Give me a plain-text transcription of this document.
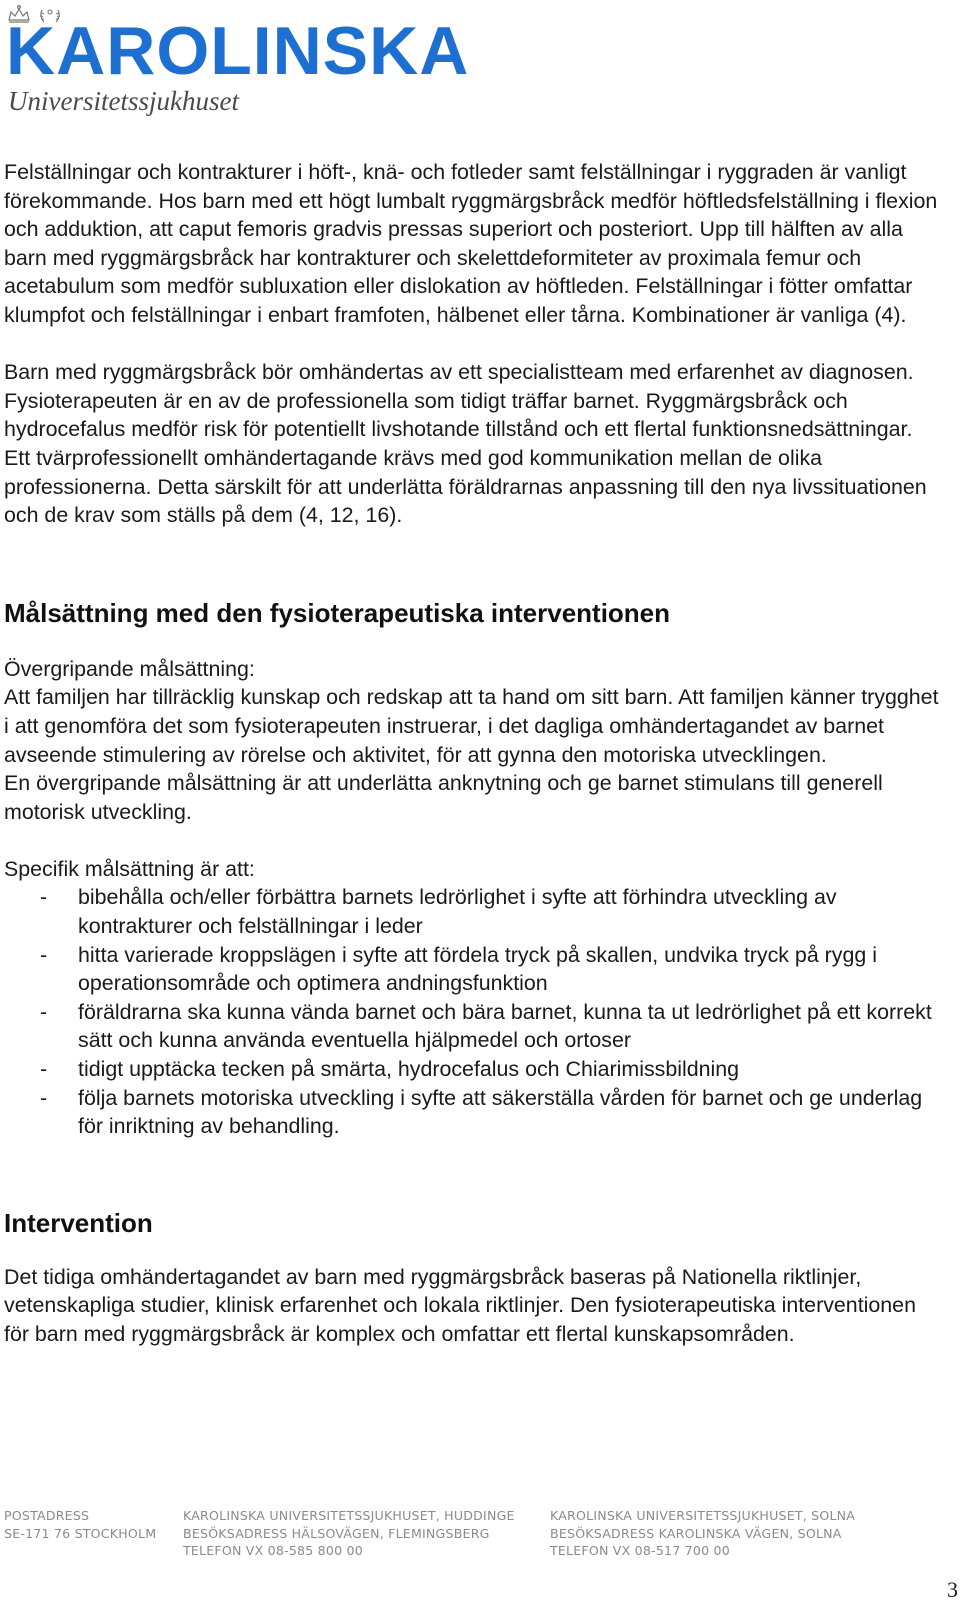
KAROLINSKA
Universitetssjukhuset

Felställningar och kontrakturer i höft-, knä- och fotleder samt felställningar i ryggraden är vanligt förekommande. Hos barn med ett högt lumbalt ryggmärgsbråck medför höftledsfelställning i flexion och adduktion, att caput femoris gradvis pressas superiort och posteriort. Upp till hälften av alla barn med ryggmärgsbråck har kontrakturer och skelettdeformiteter av proximala femur och acetabulum som medför subluxation eller dislokation av höftleden. Felställningar i fötter omfattar klumpfot och felställningar i enbart framfoten, hälbenet eller tårna. Kombinationer är vanliga (4).

Barn med ryggmärgsbråck bör omhändertas av ett specialistteam med erfarenhet av diagnosen. Fysioterapeuten är en av de professionella som tidigt träffar barnet. Ryggmärgsbråck och hydrocefalus medför risk för potentiellt livshotande tillstånd och ett flertal funktionsnedsättningar. Ett tvärprofessionellt omhändertagande krävs med god kommunikation mellan de olika professionerna. Detta särskilt för att underlätta föräldrarnas anpassning till den nya livssituationen och de krav som ställs på dem (4, 12, 16).

Målsättning med den fysioterapeutiska interventionen

Övergripande målsättning:

Att familjen har tillräcklig kunskap och redskap att ta hand om sitt barn. Att familjen känner trygghet i att genomföra det som fysioterapeuten instruerar, i det dagliga omhändertagandet av barnet avseende stimulering av rörelse och aktivitet, för att gynna den motoriska utvecklingen.

En övergripande målsättning är att underlätta anknytning och ge barnet stimulans till generell motorisk utveckling.

Specifik målsättning är att:

- bibehålla och/eller förbättra barnets ledrörlighet i syfte att förhindra utveckling av kontrakturer och felställningar i leder
- hitta varierade kroppslägen i syfte att fördela tryck på skallen, undvika tryck på rygg i operationsområde och optimera andningsfunktion
- föräldrarna ska kunna vända barnet och bära barnet, kunna ta ut ledrörlighet på ett korrekt sätt och kunna använda eventuella hjälpmedel och ortoser
- tidigt upptäcka tecken på smärta, hydrocefalus och Chiarimissbildning
- följa barnets motoriska utveckling i syfte att säkerställa vården för barnet och ge underlag för inriktning av behandling.
Intervention

Det tidiga omhändertagandet av barn med ryggmärgsbråck baseras på Nationella riktlinjer, vetenskapliga studier, klinisk erfarenhet och lokala riktlinjer. Den fysioterapeutiska interventionen för barn med ryggmärgsbråck är komplex och omfattar ett flertal kunskapsområden.

POSTADRESS
SE-171 76 STOCKHOLM
KAROLINSKA UNIVERSITETSSJUKHUSET, HUDDINGE
BESÖKSADRESS HÄLSOVÄGEN, FLEMINGSBERG
TELEFON VX 08-585 800 00
KAROLINSKA UNIVERSITETSSJUKHUSET, SOLNA
BESÖKSADRESS KAROLINSKA VÄGEN, SOLNA
TELEFON VX 08-517 700 00
3
